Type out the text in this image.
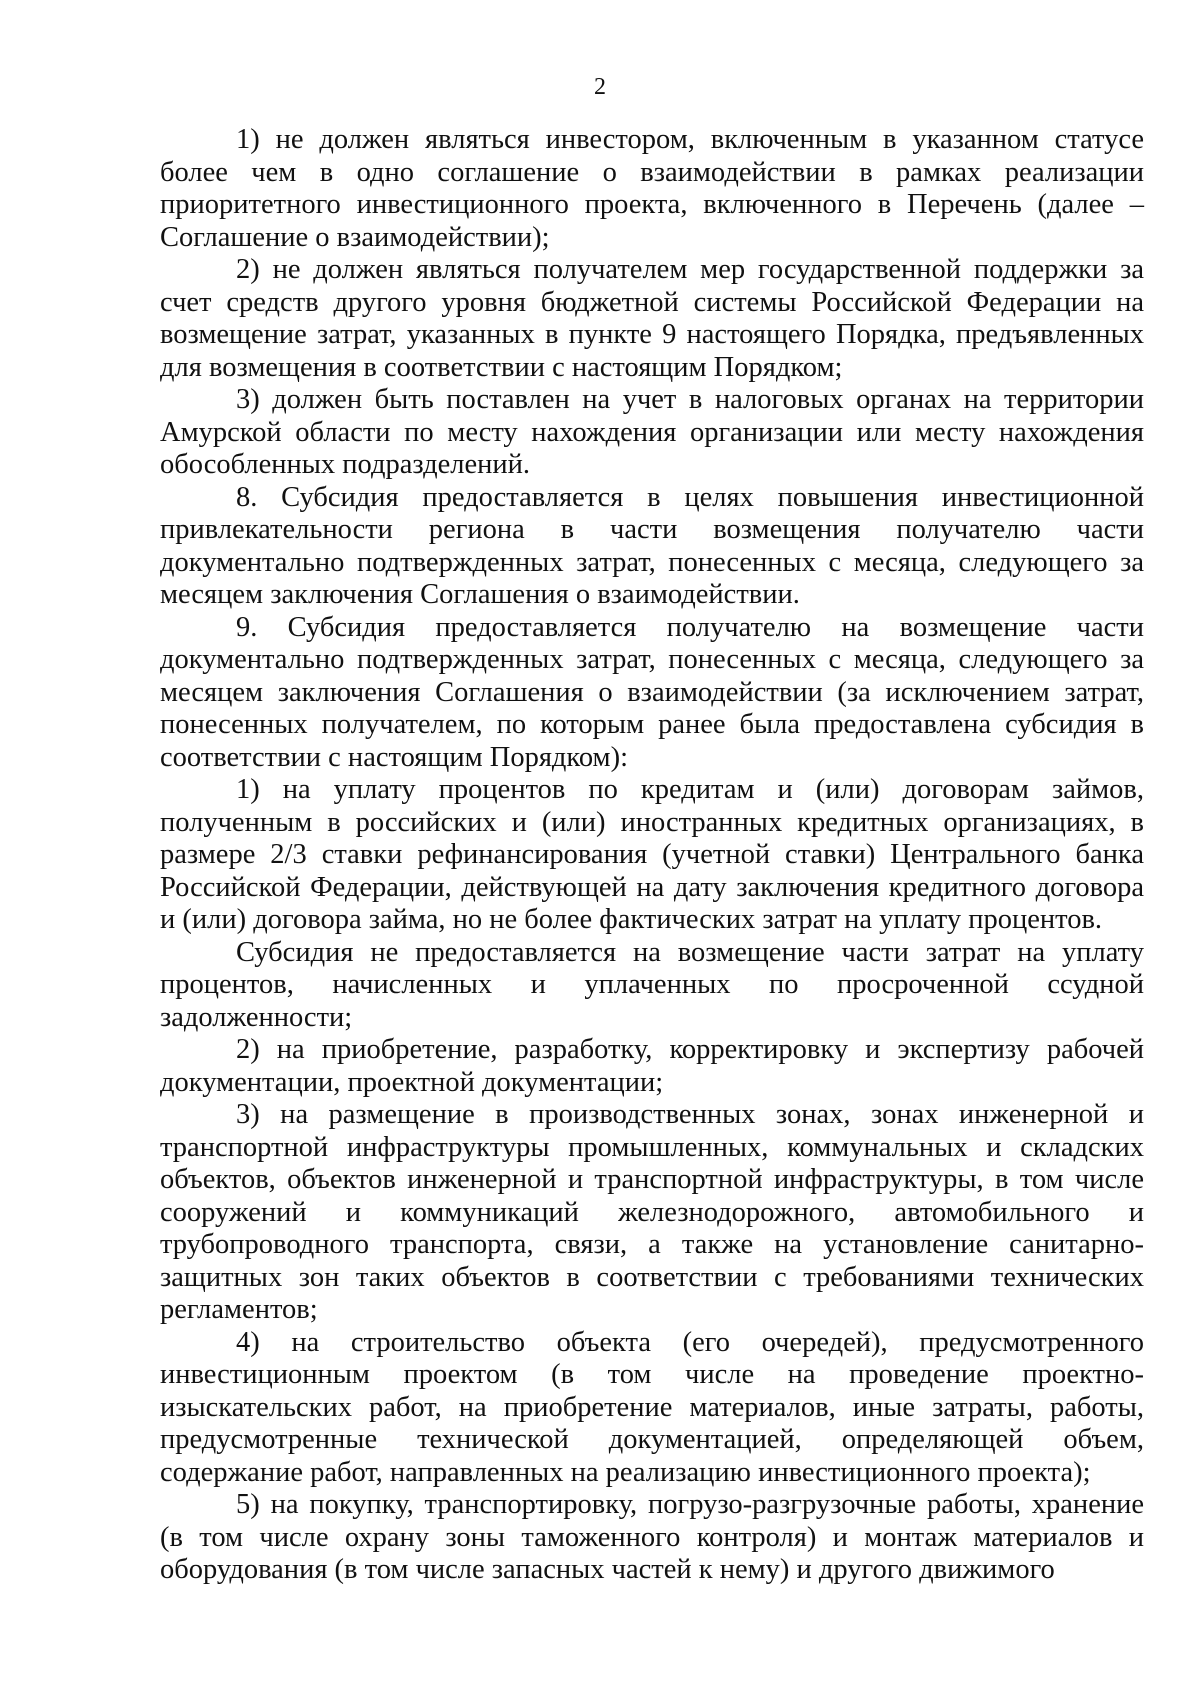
2

1) не должен являться инвестором, включенным в указанном статусе более чем в одно соглашение о взаимодействии в рамках реализации приоритетного инвестиционного проекта, включенного в Перечень (далее – Соглашение о взаимодействии);

2) не должен являться получателем мер государственной поддержки за счет средств другого уровня бюджетной системы Российской Федерации на возмещение затрат, указанных в пункте 9 настоящего Порядка, предъявленных для возмещения в соответствии с настоящим Порядком;

3) должен быть поставлен на учет в налоговых органах на территории Амурской области по месту нахождения организации или месту нахождения обособленных подразделений.

8. Субсидия предоставляется в целях повышения инвестиционной привлекательности региона в части возмещения получателю части документально подтвержденных затрат, понесенных с месяца, следующего за месяцем заключения Соглашения о взаимодействии.

9. Субсидия предоставляется получателю на возмещение части документально подтвержденных затрат, понесенных с месяца, следующего за месяцем заключения Соглашения о взаимодействии (за исключением затрат, понесенных получателем, по которым ранее была предоставлена субсидия в соответствии с настоящим Порядком):

1) на уплату процентов по кредитам и (или) договорам займов, полученным в российских и (или) иностранных кредитных организациях, в размере 2/3 ставки рефинансирования (учетной ставки) Центрального банка Российской Федерации, действующей на дату заключения кредитного договора и (или) договора займа, но не более фактических затрат на уплату процентов.

Субсидия не предоставляется на возмещение части затрат на уплату процентов, начисленных и уплаченных по просроченной ссудной задолженности;

2) на приобретение, разработку, корректировку и экспертизу рабочей документации, проектной документации;

3) на размещение в производственных зонах, зонах инженерной и транспортной инфраструктуры промышленных, коммунальных и складских объектов, объектов инженерной и транспортной инфраструктуры, в том числе сооружений и коммуникаций железнодорожного, автомобильного и трубопроводного транспорта, связи, а также на установление санитарно-защитных зон таких объектов в соответствии с требованиями технических регламентов;

4) на строительство объекта (его очередей), предусмотренного инвестиционным проектом (в том числе на проведение проектно-изыскательских работ, на приобретение материалов, иные затраты, работы, предусмотренные технической документацией, определяющей объем, содержание работ, направленных на реализацию инвестиционного проекта);

5) на покупку, транспортировку, погрузо-разгрузочные работы, хранение (в том числе охрану зоны таможенного контроля) и монтаж материалов и оборудования (в том числе запасных частей к нему) и другого движимого
